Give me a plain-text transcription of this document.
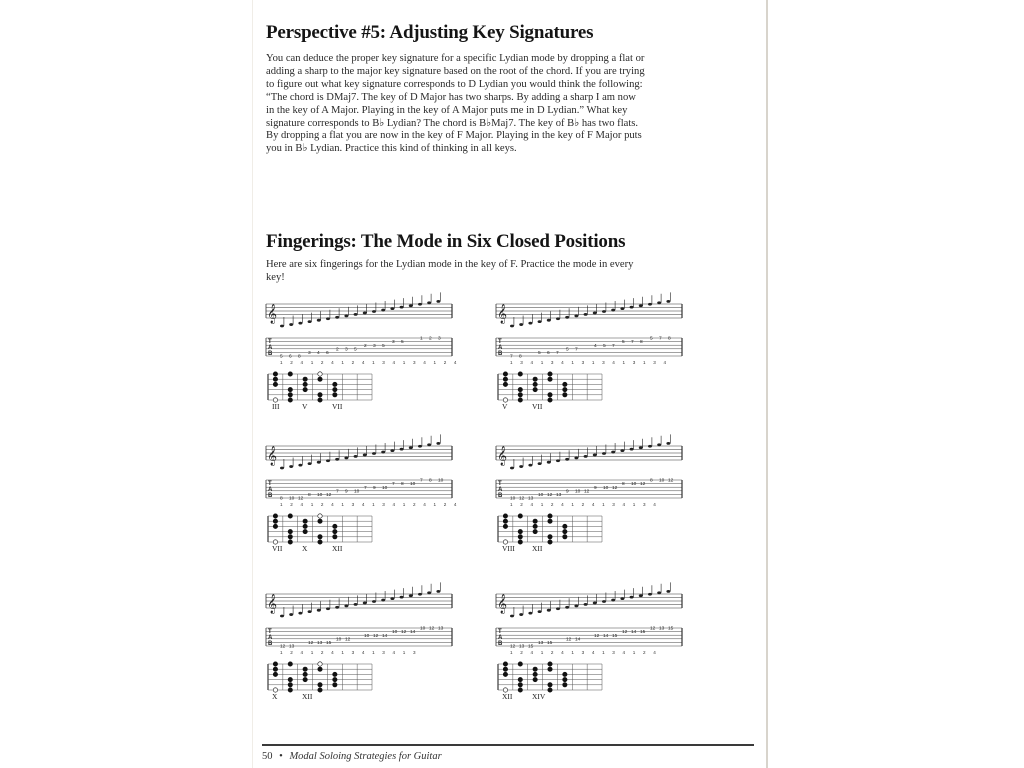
Perspective #5: Adjusting Key Signatures

You can deduce the proper key signature for a specific Lydian mode by dropping a flat or adding a sharp to the major key signature based on the root of the chord. If you are trying to figure out what key signature corresponds to D Lydian you would think the following: “The chord is DMaj7. The key of D Major has two sharps. By adding a sharp I am now in the key of A Major. Playing in the key of A Major puts me in D Lydian.” What key signature corresponds to B♭ Lydian? The chord is B♭Maj7. The key of B♭ has two flats. By dropping a flat you are now in the key of F Major. Playing in the key of F Major puts you in B♭ Lydian. Practice this kind of thinking in all keys.

Fingerings: The Mode in Six Closed Positions

Here are six fingerings for the Lydian mode in the key of F. Practice the mode in every key!

𝄞
T
A
B
5 6 8
3 4 6
2 3 5
2 3 5
3 5
1 2 3
1 2 4 1 2 4 1 2 4 1 3 4 1 3 4 1 2 4
III	V	VII
𝄞
T
A
B
7 8
5 6 7
5 7
4 5 7
5 7 8
5 7 8
1 3 4 1 3 4 1 3 1 3 4 1 3 1 3 4
V	VII
𝄞
T
A
B
8 10 12
8 10 12
7 9 10
7 9 10
7 8 10
7 8 10
1 2 4 1 2 4 1 3 4 1 3 4 1 2 4 1 2 4
VII	X	XII
𝄞
T
A
B
10 12 13
10 12 13
9 10 12
9 10 12
8 10 12
8 10 12
1 2 4 1 2 4 1 2 4 1 3 4 1 3 4
VIII XII
𝄞
T
A
B
12 13
12 13 15
10 12
10 12 14
10 12 14
10 12 13
1 2 4 1 2 4 1 3 4 1 3 4 1 3
X	XII
𝄞
T
A
B
12 13 15
13 15
12 14
12 14 15
12 14 15
12 13 15
1 2 4 1 2 4 1 3 4 1 3 4 1 2 4
XII	XIV
50 • Modal Soloing Strategies for Guitar
